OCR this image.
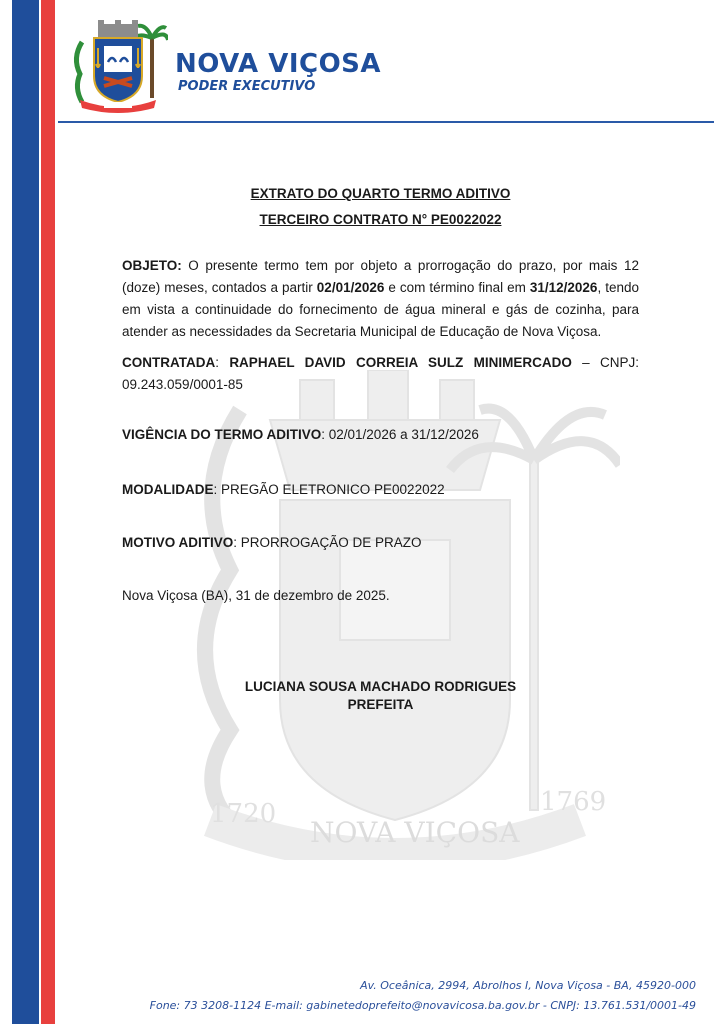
NOVA VIÇOSA
PODER EXECUTIVO
1720	1769
NOVA VIÇOSA
EXTRATO DO QUARTO TERMO ADITIVO
TERCEIRO CONTRATO N° PE0022022
OBJETO: O presente termo tem por objeto a prorrogação do prazo, por mais 12 (doze) meses, contados a partir 02/01/2026 e com término final em 31/12/2026, tendo em vista a continuidade do fornecimento de água mineral e gás de cozinha, para atender as necessidades da Secretaria Municipal de Educação de Nova Viçosa.
CONTRATADA: RAPHAEL DAVID CORREIA SULZ MINIMERCADO – CNPJ: 09.243.059/0001-85
VIGÊNCIA DO TERMO ADITIVO: 02/01/2026 a 31/12/2026
MODALIDADE: PREGÃO ELETRONICO PE0022022
MOTIVO ADITIVO: PRORROGAÇÃO DE PRAZO
Nova Viçosa (BA), 31 de dezembro de 2025.
LUCIANA SOUSA MACHADO RODRIGUES
PREFEITA
Av. Oceânica, 2994, Abrolhos I, Nova Viçosa - BA, 45920-000
Fone: 73 3208-1124 E-mail: gabinetedoprefeito@novavicosa.ba.gov.br - CNPJ: 13.761.531/0001-49
